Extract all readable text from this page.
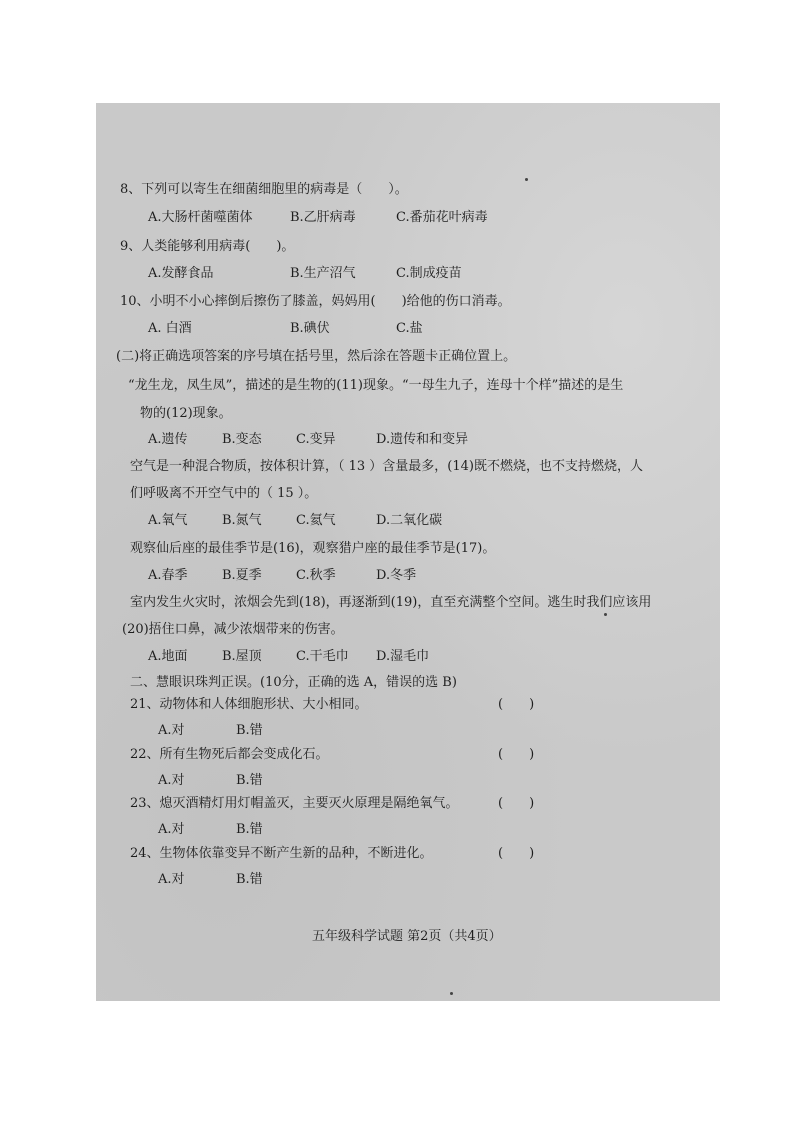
8、下列可以寄生在细菌细胞里的病毒是（　　）。
A.大肠杆菌噬菌体	B.乙肝病毒	C.番茄花叶病毒
9、人类能够利用病毒(　　)。
A.发酵食品	B.生产沼气	C.制成疫苗
10、小明不小心摔倒后擦伤了膝盖，妈妈用(　　)给他的伤口消毒。
A. 白酒	B.碘伏	C.盐
(二)将正确选项答案的序号填在括号里，然后涂在答题卡正确位置上。
“龙生龙，凤生凤”，描述的是生物的(11)现象。“一母生九子，连母十个样”描述的是生
物的(12)现象。
A.遗传	B.变态	C.变异	D.遗传和和变异
空气是一种混合物质，按体积计算，（ 13 ）含量最多，(14)既不燃烧，也不支持燃烧，人
们呼吸离不开空气中的（ 15 ）。
A.氧气	B.氮气	C.氦气	D.二氧化碳
观察仙后座的最佳季节是(16)，观察猎户座的最佳季节是(17)。
A.春季	B.夏季	C.秋季	D.冬季
室内发生火灾时，浓烟会先到(18)，再逐渐到(19)，直至充满整个空间。逃生时我们应该用
(20)捂住口鼻，减少浓烟带来的伤害。
A.地面	B.屋顶	C.干毛巾 D.湿毛巾
二、慧眼识珠判正误。(10分，正确的选 A，错误的选 B)
21、动物体和人体细胞形状、大小相同。	(　　)
A.对	B.错
22、所有生物死后都会变成化石。	(　　)
A.对	B.错
23、熄灭酒精灯用灯帽盖灭，主要灭火原理是隔绝氧气。	(　　)
A.对	B.错
24、生物体依靠变异不断产生新的品种，不断进化。	(　　)
A.对	B.错
五年级科学试题 第2页（共4页）
